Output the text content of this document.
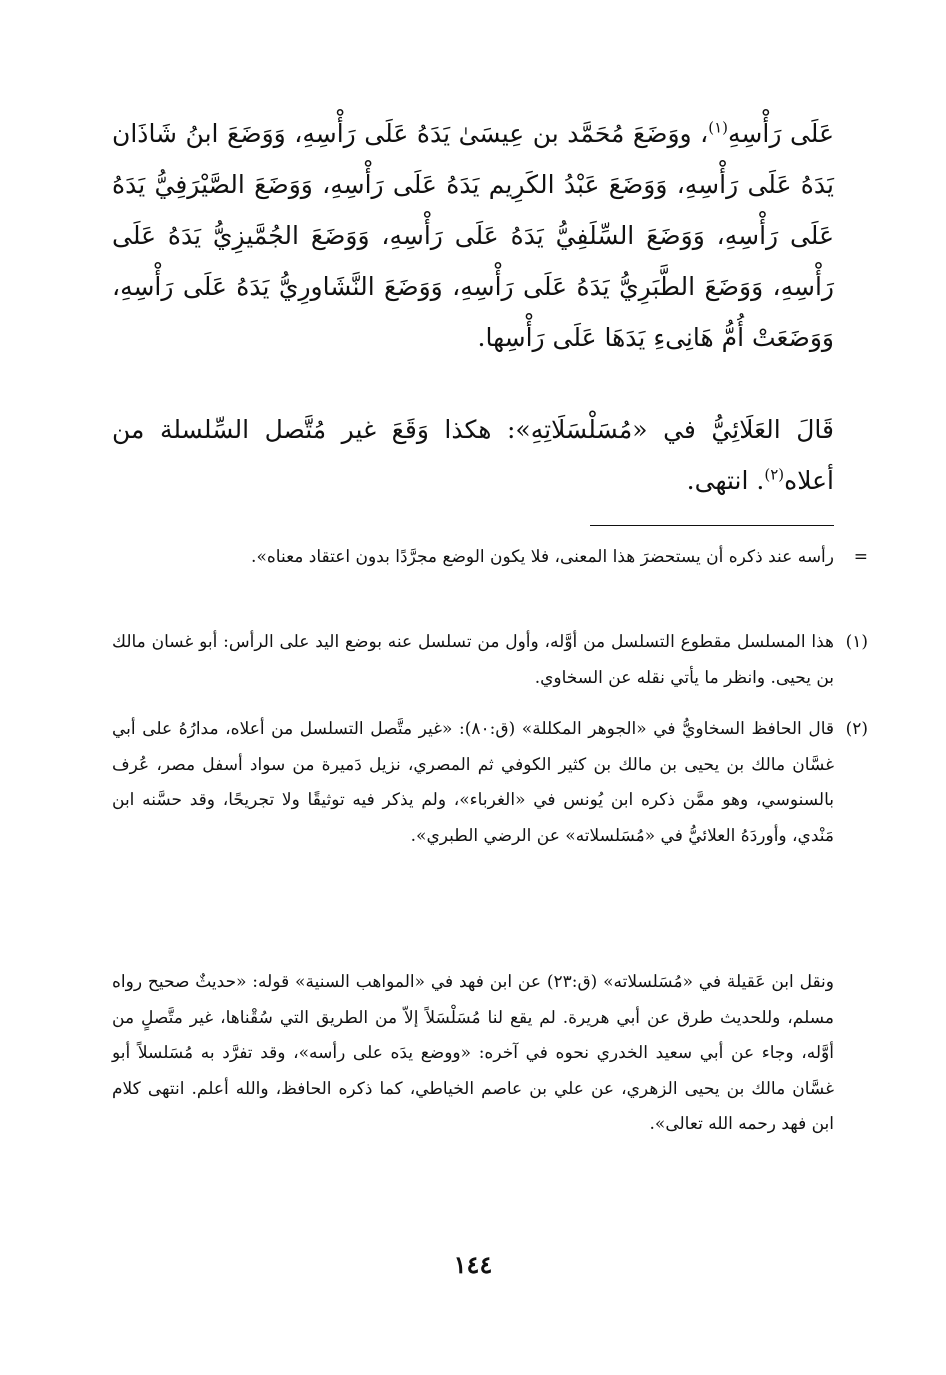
عَلَى رَأْسِهِ$^{(١)}$، ووَضَعَ مُحَمَّد بن عِيسَىٰ يَدَهُ عَلَى رَأْسِهِ، وَوَضَعَ ابنُ شَاذَان يَدَهُ عَلَى رَأْسِهِ، وَوَضَعَ عَبْدُ الكَرِيم يَدَهُ عَلَى رَأْسِهِ، وَوَضَعَ الصَّيْرَفِيُّ يَدَهُ عَلَى رَأْسِهِ، وَوَضَعَ السِّلَفِيُّ يَدَهُ عَلَى رَأْسِهِ، وَوَضَعَ الجُمَّيزِيُّ يَدَهُ عَلَى رَأْسِهِ، وَوَضَعَ الطَّبَرِيُّ يَدَهُ عَلَى رَأْسِهِ، وَوَضَعَ النَّشَاورِيُّ يَدَهُ عَلَى رَأْسِهِ، وَوَضَعَتْ أُمُّ هَانِىءِ يَدَهَا عَلَى رَأْسِها.

قَالَ العَلَائِيُّ في «مُسَلْسَلَاتِهِ»: هكذا وَقَعَ غير مُتَّصل السِّلسلة من أعلاه$^{(٢)}$. انتهى.

=
رأسه عند ذكره أن يستحضرَ هذا المعنى، فلا يكون الوضع مجرَّدًا بدون اعتقاد معناه».
(١)
هذا المسلسل مقطوع التسلسل من أوَّله، وأول من تسلسل عنه بوضع اليد على الرأس: أبو غسان مالك بن يحيى. وانظر ما يأتي نقله عن السخاوي.
(٢)
قال الحافظ السخاويُّ في «الجوهر المكللة» (ق:٨٠): «غير متَّصل التسلسل من أعلاه، مدارُهُ على أبي غسَّان مالك بن يحيى بن مالك بن كثير الكوفي ثم المصري، نزيل دَميرة من سواد أسفل مصر، عُرف بالسنوسي، وهو ممَّن ذكره ابن يُونس في «الغرباء»، ولم يذكر فيه توثيقًا ولا تجريحًا، وقد حسَّنه ابن مَنْدي، وأوردَهُ العلائيُّ في «مُسَلسلاته» عن الرضي الطبري».
ونقل ابن عَقيلة في «مُسَلسلاته» (ق:٢٣) عن ابن فهد في «المواهب السنية» قوله: «حديثٌ صحيح رواه مسلم، وللحديث طرق عن أبي هريرة. لم يقع لنا مُسَلْسَلاً إلاّ من الطريق التي سُقْناها، غير متَّصلٍ من أوَّله، وجاء عن أبي سعيد الخدري نحوه في آخره: «ووضع يدَه على رأسه»، وقد تفرَّد به مُسَلسلاً أبو غسَّان مالك بن يحيى الزهري، عن علي بن عاصم الخياطي، كما ذكره الحافظ، والله أعلم. انتهى كلام ابن فهد رحمه الله تعالى».
١٤٤
